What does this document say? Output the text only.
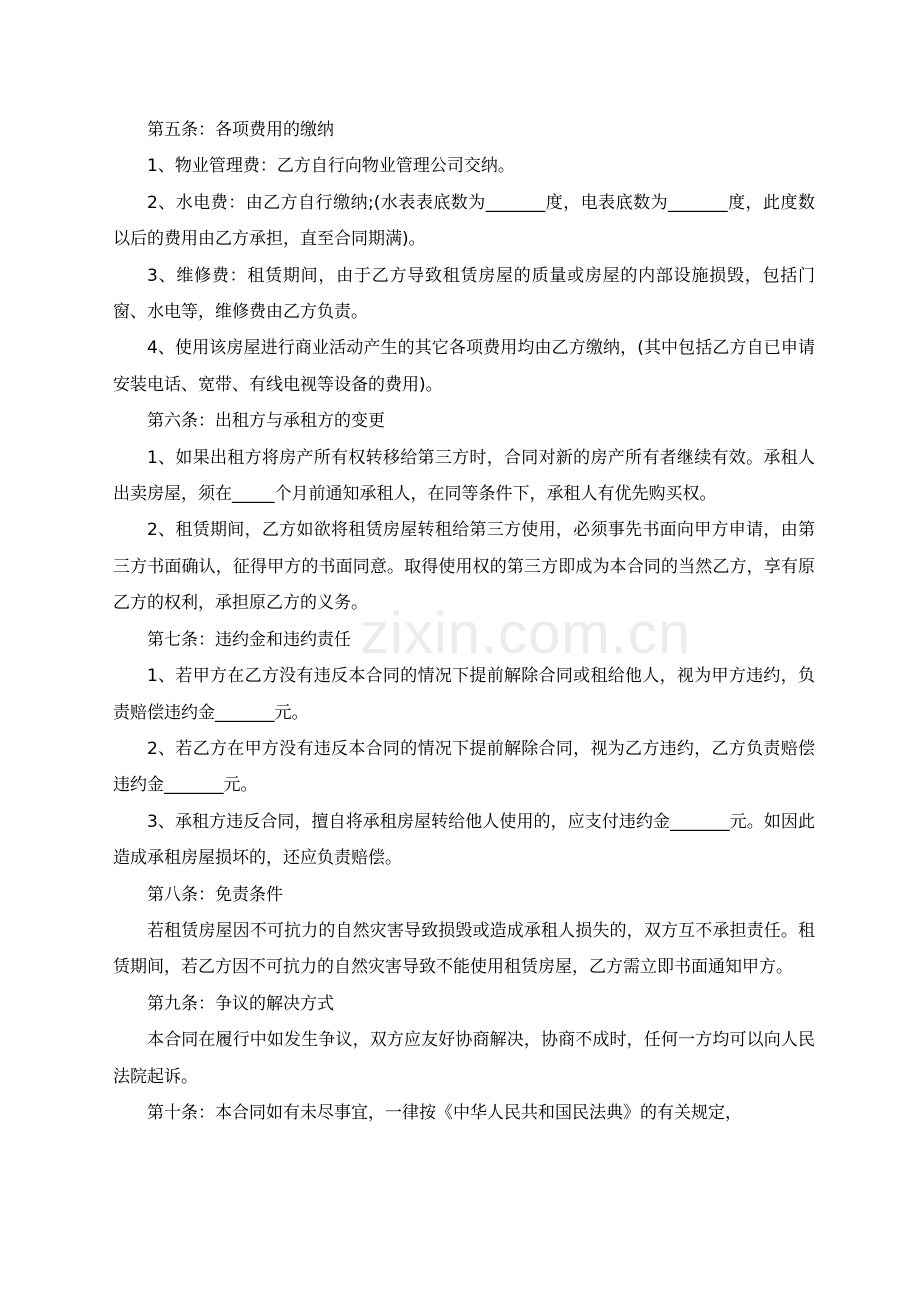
第五条：各项费用的缴纳

1、物业管理费：乙方自行向物业管理公司交纳。

2、水电费：由乙方自行缴纳;(水表表底数为_______度，电表底数为_______度，此度数以后的费用由乙方承担，直至合同期满)。

3、维修费：租赁期间，由于乙方导致租赁房屋的质量或房屋的内部设施损毁，包括门窗、水电等，维修费由乙方负责。

4、使用该房屋进行商业活动产生的其它各项费用均由乙方缴纳，(其中包括乙方自已申请安装电话、宽带、有线电视等设备的费用)。

第六条：出租方与承租方的变更

1、如果出租方将房产所有权转移给第三方时，合同对新的房产所有者继续有效。承租人出卖房屋，须在_____个月前通知承租人，在同等条件下，承租人有优先购买权。

2、租赁期间，乙方如欲将租赁房屋转租给第三方使用，必须事先书面向甲方申请，由第三方书面确认，征得甲方的书面同意。取得使用权的第三方即成为本合同的当然乙方，享有原乙方的权利，承担原乙方的义务。

第七条：违约金和违约责任

1、若甲方在乙方没有违反本合同的情况下提前解除合同或租给他人，视为甲方违约，负责赔偿违约金_______元。

2、若乙方在甲方没有违反本合同的情况下提前解除合同，视为乙方违约，乙方负责赔偿违约金_______元。

3、承租方违反合同，擅自将承租房屋转给他人使用的，应支付违约金_______元。如因此造成承租房屋损坏的，还应负责赔偿。

第八条：免责条件

若租赁房屋因不可抗力的自然灾害导致损毁或造成承租人损失的，双方互不承担责任。租赁期间，若乙方因不可抗力的自然灾害导致不能使用租赁房屋，乙方需立即书面通知甲方。

第九条：争议的解决方式

本合同在履行中如发生争议，双方应友好协商解决，协商不成时，任何一方均可以向人民法院起诉。

第十条：本合同如有未尽事宜，一律按《中华人民共和国民法典》的有关规定，

zixin.com.cn
